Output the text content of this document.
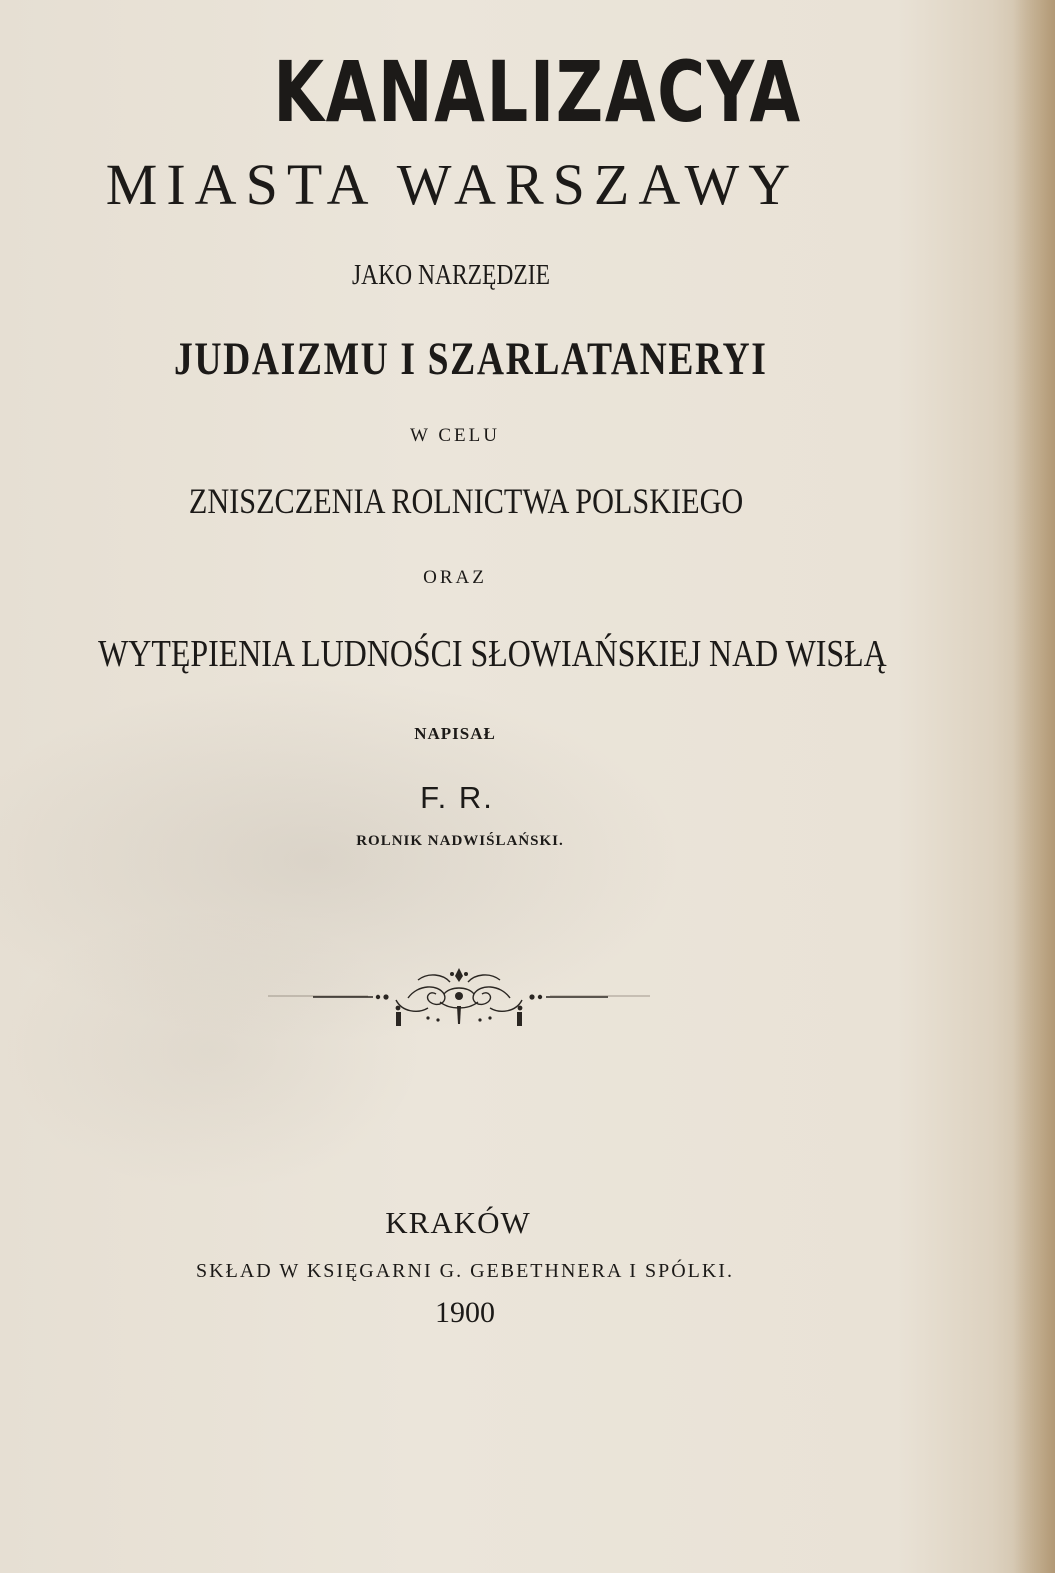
KANALIZACYA
MIASTA WARSZAWY
JAKO NARZĘDZIE
JUDAIZMU I SZARLATANERYI
W CELU
ZNISZCZENIA ROLNICTWA POLSKIEGO
ORAZ
WYTĘPIENIA LUDNOŚCI SŁOWIAŃSKIEJ NAD WISŁĄ
NAPISAŁ
F. R.
ROLNIK NADWIŚLAŃSKI.
KRAKÓW
SKŁAD W KSIĘGARNI G. GEBETHNERA I SPÓLKI.
1900
